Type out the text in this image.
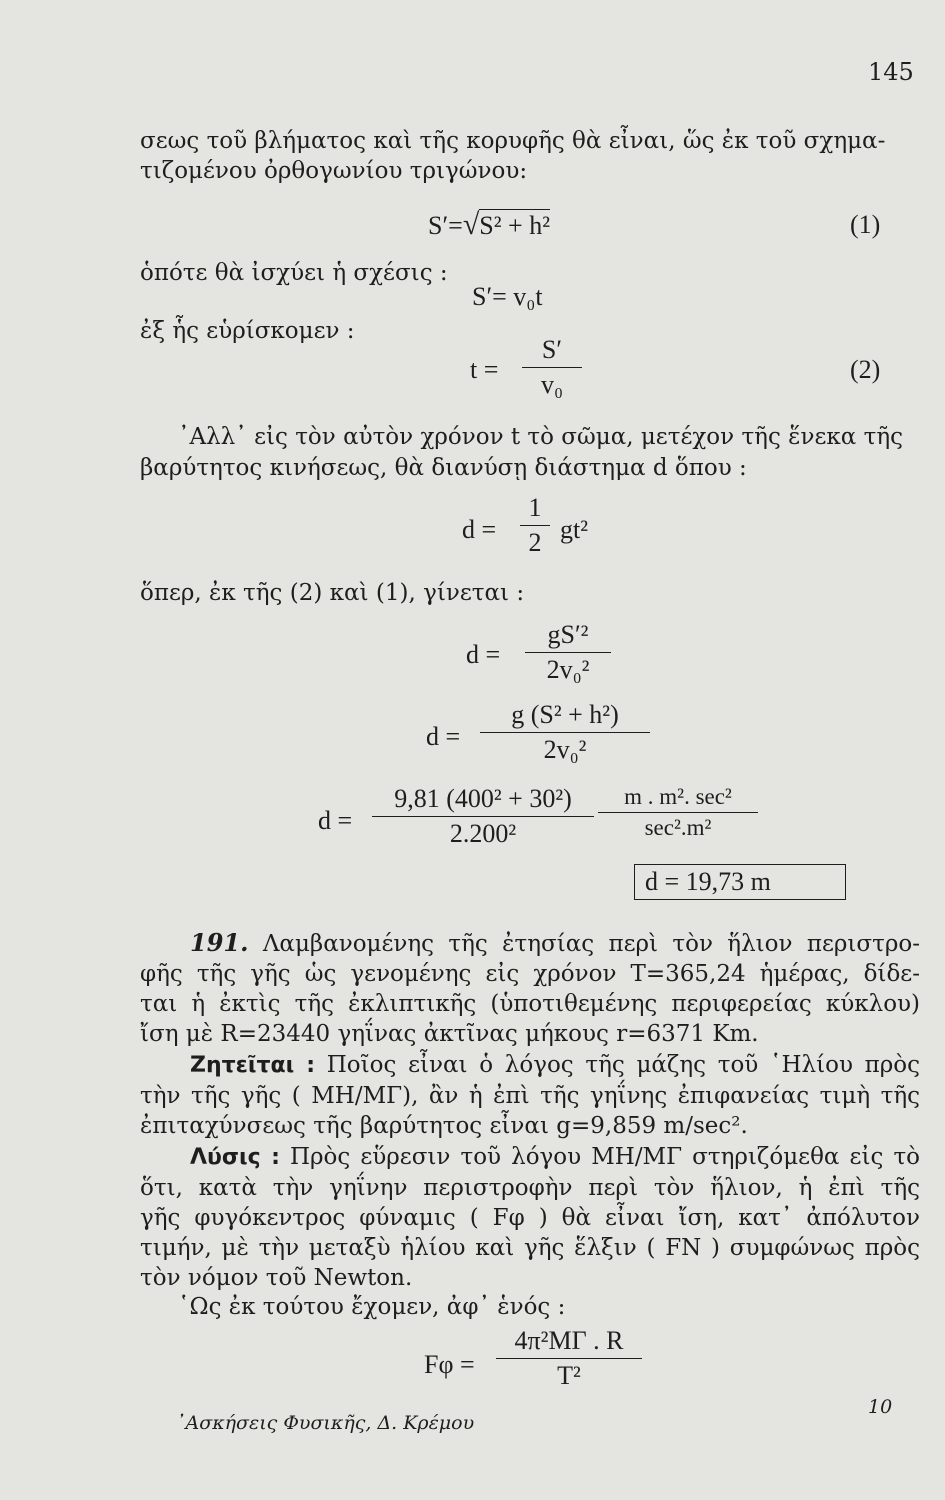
145
σεως τοῦ βλήματος καὶ τῆς κορυφῆς θὰ εἶναι, ὥς ἐκ τοῦ σχημα-
τιζομένου ὀρθογωνίου τριγώνου:
S′=√S² + h²	(1)
ὁπότε θὰ ἰσχύει ἡ σχέσις :
S′= v₀t
ἐξ ἧς εὑρίσκομεν :
$t = \frac{S'}{\text{v₀}}$	(2)
᾿Αλλ᾿ εἰς τὸν αὐτὸν χρόνον t τὸ σῶμα, μετέχον τῆς ἕνεκα τῆς
βαρύτητος κινήσεως, θὰ διανύσῃ διάστημα d ὅπου :
$d = \frac{1}{2} gt^2$
ὅπερ, ἐκ τῆς (2) καὶ (1), γίνεται :
$d = \frac{\text{gS′²}}{\text{2v₀²}}$
$d = \frac{\text{g (S² + h²)}}{\text{2v₀²}}$
$d = \frac{\text{9,81 (400² + 30²)}}{\text{2.200²}}$	m . m². sec²
sec².m²
d = 19,73 m
191. Λαμβανομένης τῆς ἐτησίας περὶ τὸν ἥλιον περιστρο-
φῆς τῆς γῆς ὡς γενομένης εἰς χρόνον T=365,24 ἡμέρας, δίδε-
ται ἡ ἐκτὶς τῆς ἐκλιπτικῆς (ὑποτιθεμένης περιφερείας κύκλου)
ἴση μὲ R=23440 γηΐνας ἀκτῖνας μήκους r=6371 Km.
Ζητεῖται : Ποῖος εἶναι ὁ λόγος τῆς μάζης τοῦ ῾Ηλίου πρὸς
τὴν τῆς γῆς ( MH/MΓ), ἂν ἡ ἐπὶ τῆς γηΐνης ἐπιφανείας τιμὴ τῆς
ἐπιταχύνσεως τῆς βαρύτητος εἶναι g=9,859 m/sec².
Λύσις : Πρὸς εὕρεσιν τοῦ λόγου MH/MΓ στηριζόμεθα εἰς τὸ
ὅτι, κατὰ τὴν γηΐνην περιστροφὴν περὶ τὸν ἥλιον, ἡ ἐπὶ τῆς
γῆς φυγόκεντρος φύναμις ( Fφ ) θὰ εἶναι ἴση, κατ᾿ ἀπόλυτον
τιμήν, μὲ τὴν μεταξὺ ἡλίου καὶ γῆς ἕλξιν ( FN ) συμφώνως πρὸς
τὸν νόμον τοῦ Newton.
῾Ως ἐκ τούτου ἔχομεν, ἀφ᾿ ἑνός :
$F\varphi = \frac{\text{4π²MΓ . R}}{\text{T²}}$
᾿Ασκήσεις Φυσικῆς, Δ. Κρέμου
10
